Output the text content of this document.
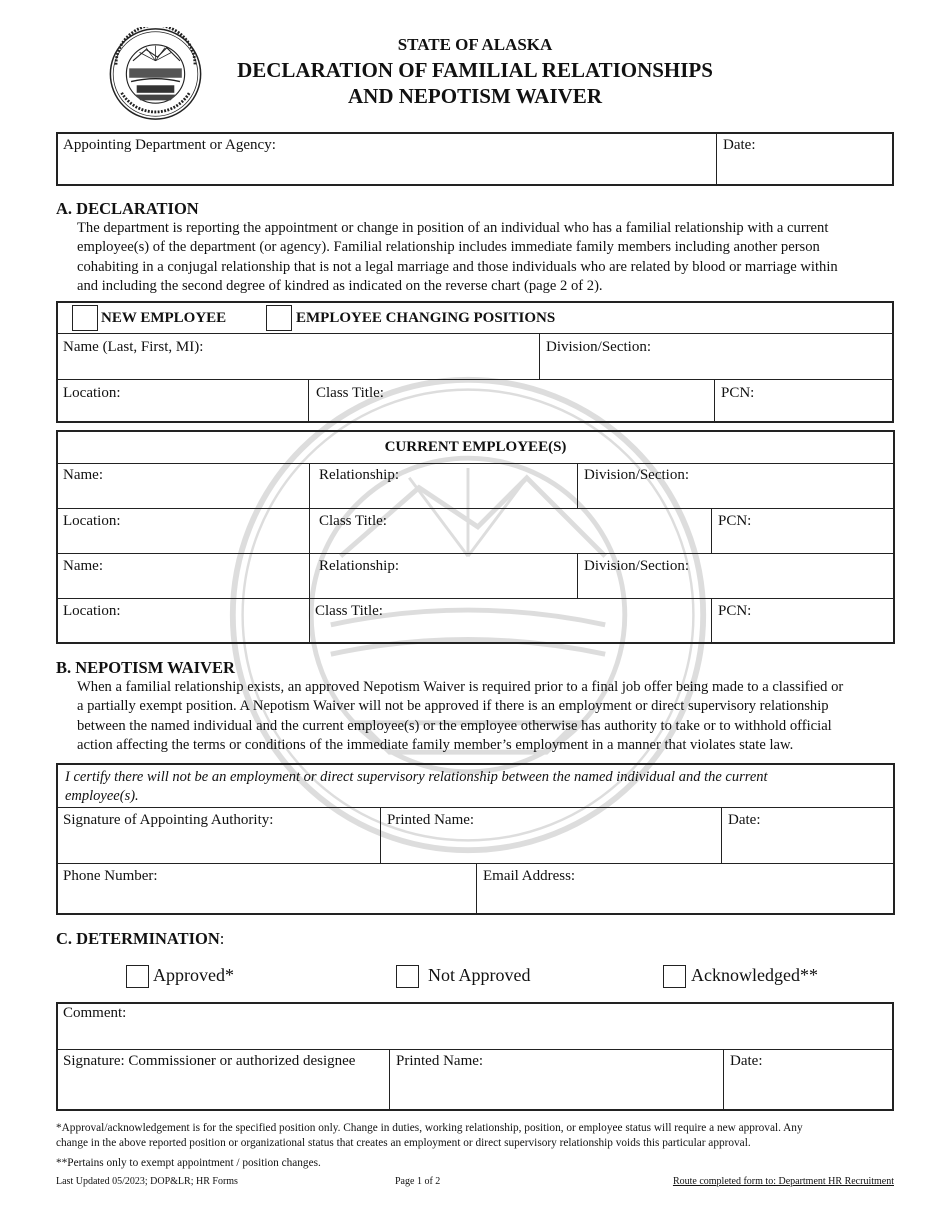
STATE OF ALASKA
DECLARATION OF FAMILIAL RELATIONSHIPS
AND NEPOTISM WAIVER
Appointing Department or Agency:	Date:
A. DECLARATION
The department is reporting the appointment or change in position of an individual who has a familial relationship with a current
employee(s) of the department (or agency). Familial relationship includes immediate family members including another person
cohabiting in a conjugal relationship that is not a legal marriage and those individuals who are related by blood or marriage within
and including the second degree of kindred as indicated on the reverse chart (page 2 of 2).
NEW EMPLOYEE	EMPLOYEE CHANGING POSITIONS
Name (Last, First, MI):	Division/Section:
Location:	Class Title:	PCN:
CURRENT EMPLOYEE(S)
Name:	Relationship:	Division/Section:
Location:	Class Title:	PCN:
Name:	Relationship:	Division/Section:
Location:	Class Title:	PCN:
B. NEPOTISM WAIVER
When a familial relationship exists, an approved Nepotism Waiver is required prior to a final job offer being made to a classified or
a partially exempt position. A Nepotism Waiver will not be approved if there is an employment or direct supervisory relationship
between the named individual and the current employee(s) or the employee otherwise has authority to take or to withhold official
action affecting the terms or conditions of the immediate family member’s employment in a manner that violates state law.
I certify there will not be an employment or direct supervisory relationship between the named individual and the current
employee(s).
Signature of Appointing Authority:	Printed Name:	Date:
Phone Number:	Email Address:
C. DETERMINATION:
Approved*	Not Approved	Acknowledged**
Comment:
Signature: Commissioner or authorized designee	Printed Name:	Date:
*Approval/acknowledgement is for the specified position only. Change in duties, working relationship, position, or employee status will require a new approval. Any
change in the above reported position or organizational status that creates an employment or direct supervisory relationship voids this particular approval.
**Pertains only to exempt appointment / position changes.
Last Updated 05/2023; DOP&LR; HR Forms	Page 1 of 2	Route completed form to: Department HR Recruitment
